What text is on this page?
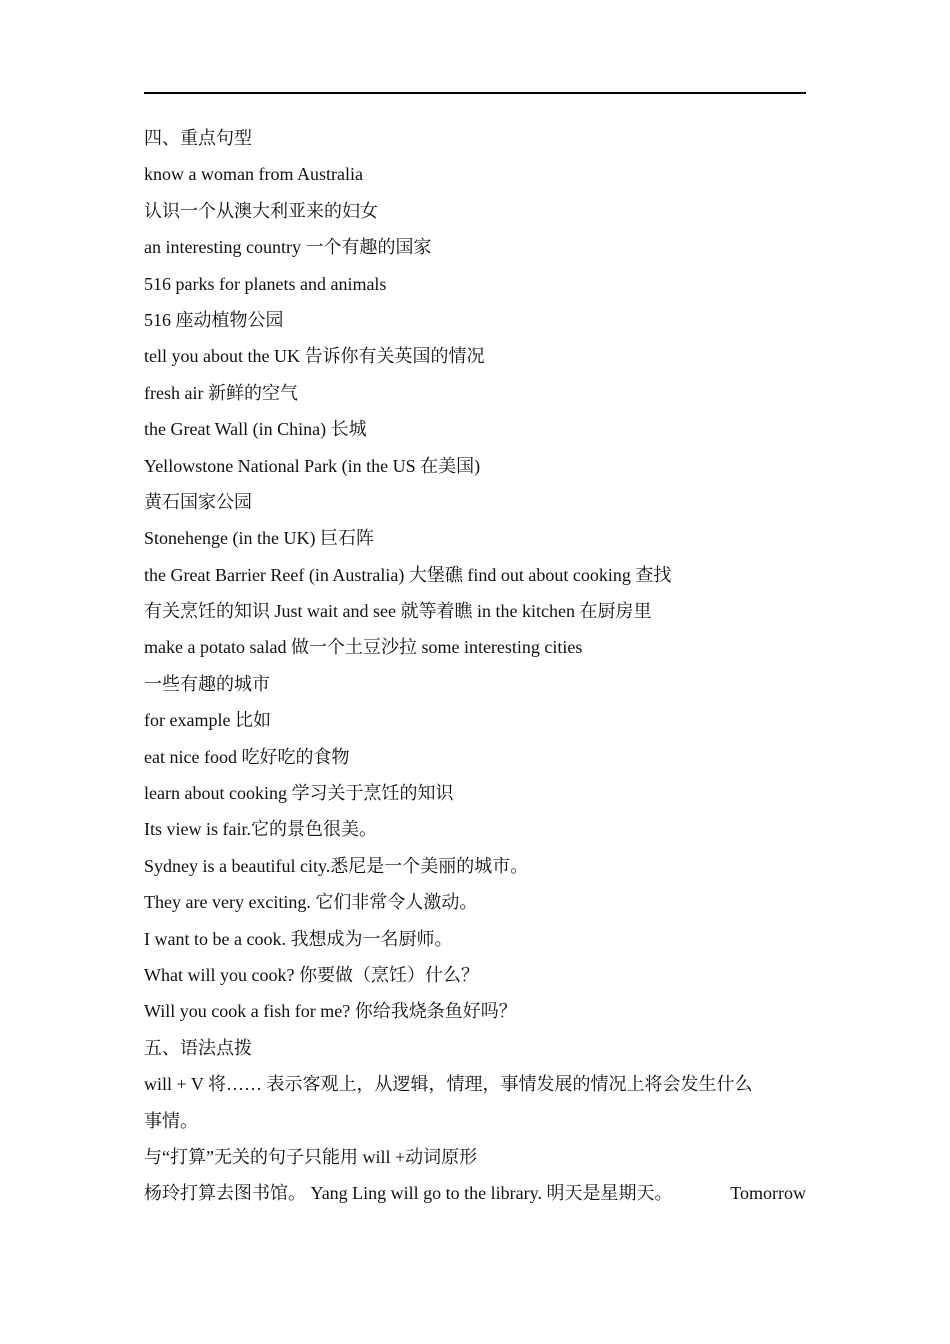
四、重点句型
know a woman from Australia
认识一个从澳大利亚来的妇女
an interesting country 一个有趣的国家
516 parks for planets and animals
516 座动植物公园
tell you about the UK 告诉你有关英国的情况
fresh air 新鲜的空气
the Great Wall (in China) 长城
Yellowstone National Park (in the US 在美国)
黄石国家公园
Stonehenge (in the UK) 巨石阵
the Great Barrier Reef (in Australia) 大堡礁 find out about cooking 查找
有关烹饪的知识 Just wait and see 就等着瞧 in the kitchen 在厨房里
make a potato salad 做一个土豆沙拉 some interesting cities
一些有趣的城市
for example 比如
eat nice food 吃好吃的食物
learn about cooking 学习关于烹饪的知识
Its view is fair.它的景色很美。
Sydney is a beautiful city.悉尼是一个美丽的城市。
They are very exciting. 它们非常令人激动。
I want to be a cook. 我想成为一名厨师。
What will you cook? 你要做（烹饪）什么？
Will you cook a fish for me? 你给我烧条鱼好吗？
五、语法点拨
will + V 将…… 表示客观上，从逻辑，情理，事情发展的情况上将会发生什么
事情。
与“打算”无关的句子只能用 will +动词原形
杨玲打算去图书馆。 Yang Ling will go to the library. 明天是星期天。	Tomorrow
